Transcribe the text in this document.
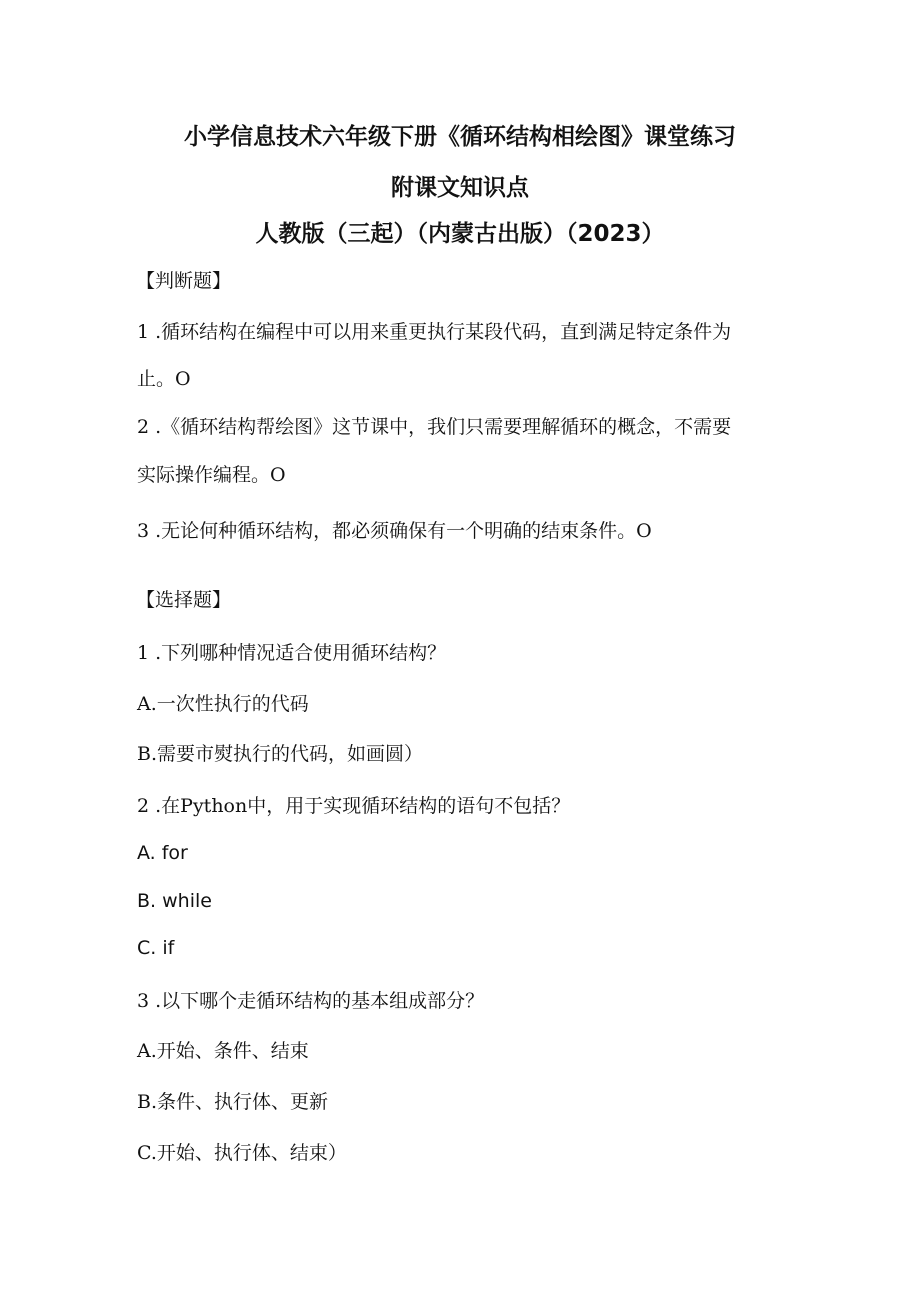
小学信息技术六年级下册《循环结构相绘图》课堂练习
附课文知识点
人教版（三起）（内蒙古出版）（2023）
【判断题】
1 .循环结构在编程中可以用来重更执行某段代码，直到满足特定条件为
止。O
2 .《循环结构帮绘图》这节课中，我们只需要理解循环的概念，不需要
实际操作编程。O
3 .无论何种循环结构，都必须确保有一个明确的结束条件。O
【选择题】
1 .下列哪种情况适合使用循环结构？
A.一次性执行的代码
B.需要市熨执行的代码，如画圆）
2 .在Python中，用于实现循环结构的语句不包括？
A. for
B. while
C. if
3 .以下哪个走循环结构的基本组成部分？
A.开始、条件、结束
B.条件、执行体、更新
C.开始、执行体、结束）
